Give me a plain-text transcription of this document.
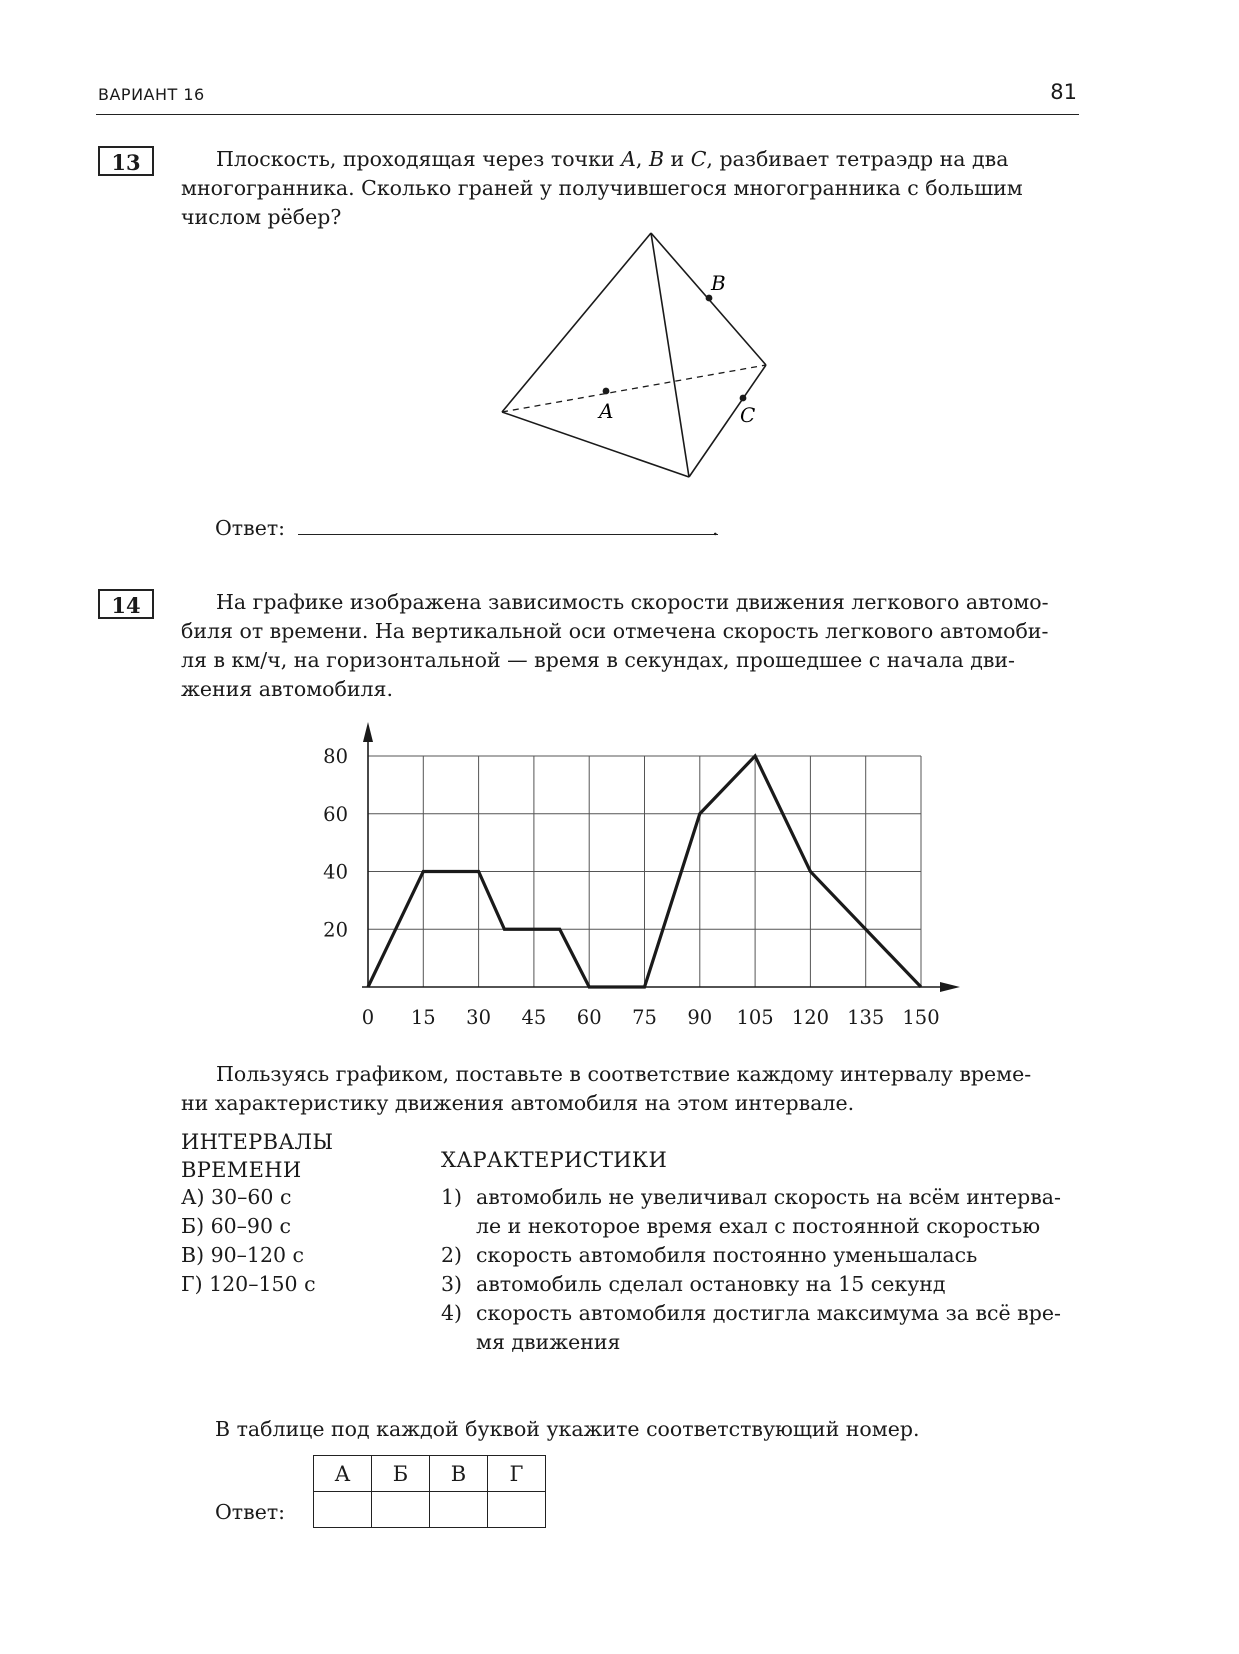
ВАРИАНТ 16	81
13	Плоскость, проходящая через точки A, B и C, разбивает тетраэдр на два
многогранника. Сколько граней у получившегося многогранника с большим
числом рёбер?
A
B
C
Ответ:	.
14	На графике изображена зависимость скорости движения легкового автомо-
биля от времени. На вертикальной оси отмечена скорость легкового автомоби-
ля в км/ч, на горизонтальной — время в секундах, прошедшее с начала дви-
жения автомобиля.
0 15 30 45 60 75 90 105 120 135 150
20
40
60
80
Пользуясь графиком, поставьте в соответствие каждому интервалу време-
ни характеристику движения автомобиля на этом интервале.
ИНТЕРВАЛЫ
ВРЕМЕНИ	ХАРАКТЕРИСТИКИ
А) 30–60 с
Б) 60–90 с
В) 90–120 с
Г) 120–150 с
1) автомобиль не увеличивал скорость на всём интерва-
ле и некоторое время ехал с постоянной скоростью
2) скорость автомобиля постоянно уменьшалась
3) автомобиль сделал остановку на 15 секунд
4) скорость автомобиля достигла максимума за всё вре-
мя движения
В таблице под каждой буквой укажите соответствующий номер.
Ответ:
А	Б	В	Г
